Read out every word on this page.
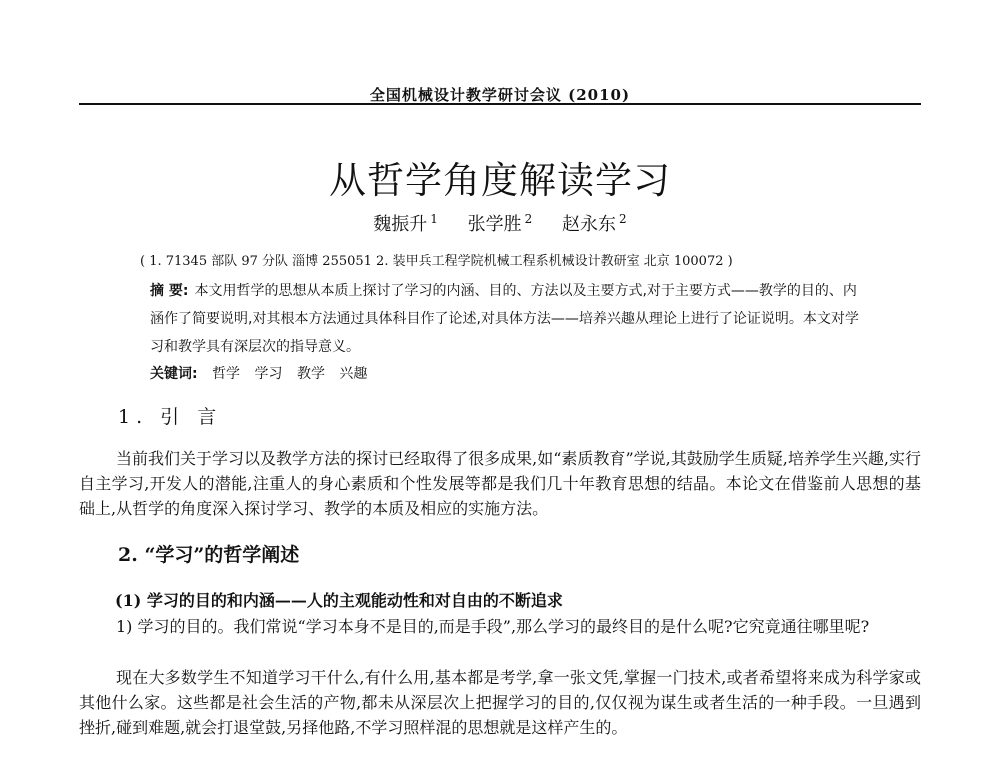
全国机械设计教学研讨会议 (2010)
从哲学角度解读学习
魏振升 $^1$ 张学胜 $^2$ 赵永东 $^2$
( 1. 71345 部队 97 分队 淄博 255051 2. 装甲兵工程学院机械工程系机械设计教研室 北京 100072 )
摘 要: 本文用哲学的思想从本质上探讨了学习的内涵、目的、方法以及主要方式,对于主要方式——教学的目的、内涵作了简要说明,对其根本方法通过具体科目作了论述,对具体方法——培养兴趣从理论上进行了论证说明。本文对学习和教学具有深层次的指导意义。
关键词: 哲学 学习 教学 兴趣
1. 引 言
当前我们关于学习以及教学方法的探讨已经取得了很多成果,如“素质教育”学说,其鼓励学生质疑,培养学生兴趣,实行自主学习,开发人的潜能,注重人的身心素质和个性发展等都是我们几十年教育思想的结晶。本论文在借鉴前人思想的基础上,从哲学的角度深入探讨学习、教学的本质及相应的实施方法。
2. “学习”的哲学阐述
(1) 学习的目的和内涵——人的主观能动性和对自由的不断追求
1) 学习的目的。我们常说“学习本身不是目的,而是手段”,那么学习的最终目的是什么呢?它究竟通往哪里呢?
现在大多数学生不知道学习干什么,有什么用,基本都是考学,拿一张文凭,掌握一门技术,或者希望将来成为科学家或其他什么家。这些都是社会生活的产物,都未从深层次上把握学习的目的,仅仅视为谋生或者生活的一种手段。一旦遇到挫折,碰到难题,就会打退堂鼓,另择他路,不学习照样混的思想就是这样产生的。
